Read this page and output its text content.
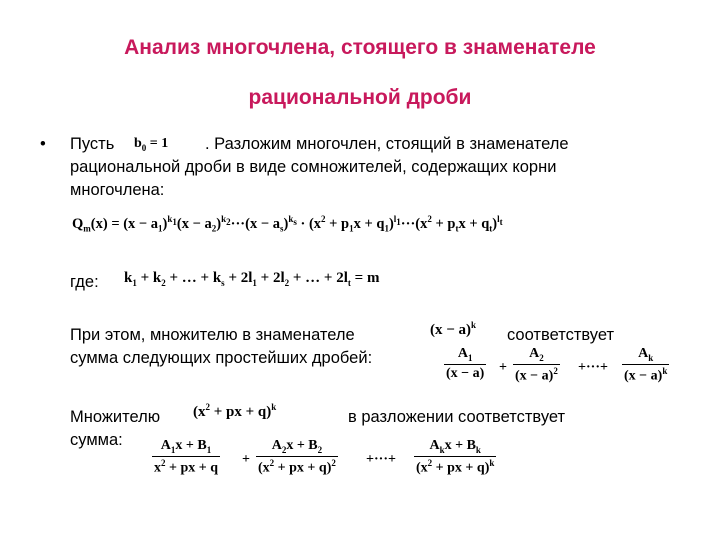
Анализ многочлена, стоящего в знаменателе
рациональной дроби
• Пусть $b_0 = 1$ . Разложим многочлен, стоящий в знаменателе
рациональной дроби в виде сомножителей, содержащих корни
многочлена:
$Q_m(x) = (x - a_1)^{k_1}(x - a_2)^{k_2}\cdot\cdot\cdot(x - a_s)^{k_s} \cdot (x^2 + p_1x + q_1)^{l_1}\cdot\cdot\cdot(x^2 + p_tx + q_t)^{l_t}$
где: $k_1 + k_2$ + … + $k_s + 2l_1 + 2l_2$ + … + $2l_t = m$
При этом, множителю в знаменателе	$(x - a)^k$
соответствует
сумма следующих простейших дробей:	$A_1$
(x − a) +
$A_2$
$(x - a)^2$ +···+
$A_k$
$(x - a)^k$
Множителю ($x^2$ + px + q)$^k$
в разложении соответствует
сумма:	$A_1x + B_1$
$x^2$ + px + q
+
$A_2x + B_2$
($x^2$ + px + q)$^2$ +···+
$A_kx + B_k$
($x^2$ + px + q)$^k$
